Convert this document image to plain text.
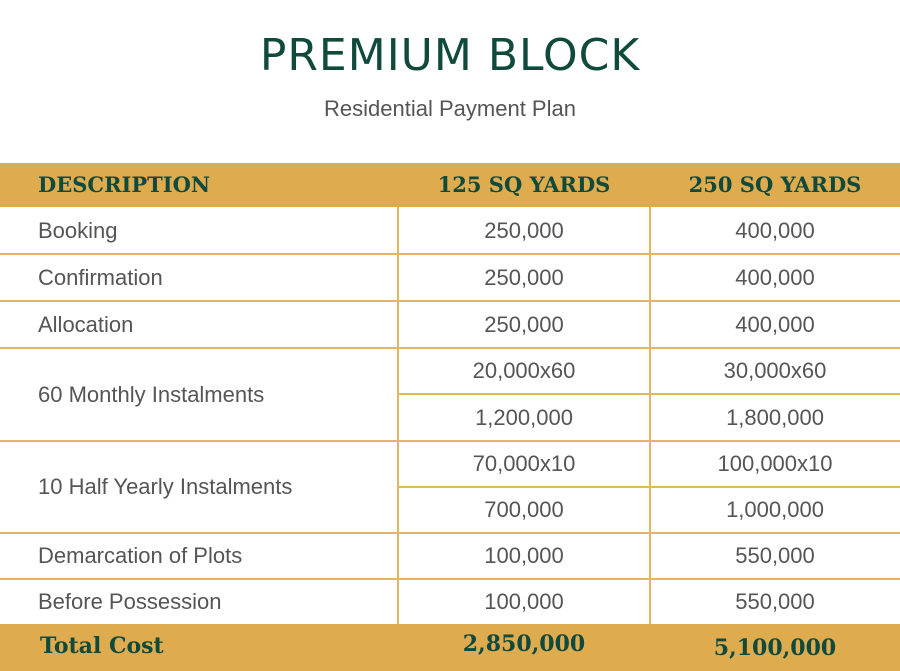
PREMIUM BLOCK
Residential Payment Plan
DESCRIPTION	125 SQ YARDS	250 SQ YARDS
Booking	250,000	400,000
Confirmation	250,000	400,000
Allocation	250,000	400,000
60 Monthly Instalments
20,000x60	30,000x60
1,200,000	1,800,000
10 Half Yearly Instalments
70,000x10	100,000x10
700,000	1,000,000
Demarcation of Plots	100,000	550,000
Before Possession	100,000	550,000
Total Cost	2,850,000	5,100,000
